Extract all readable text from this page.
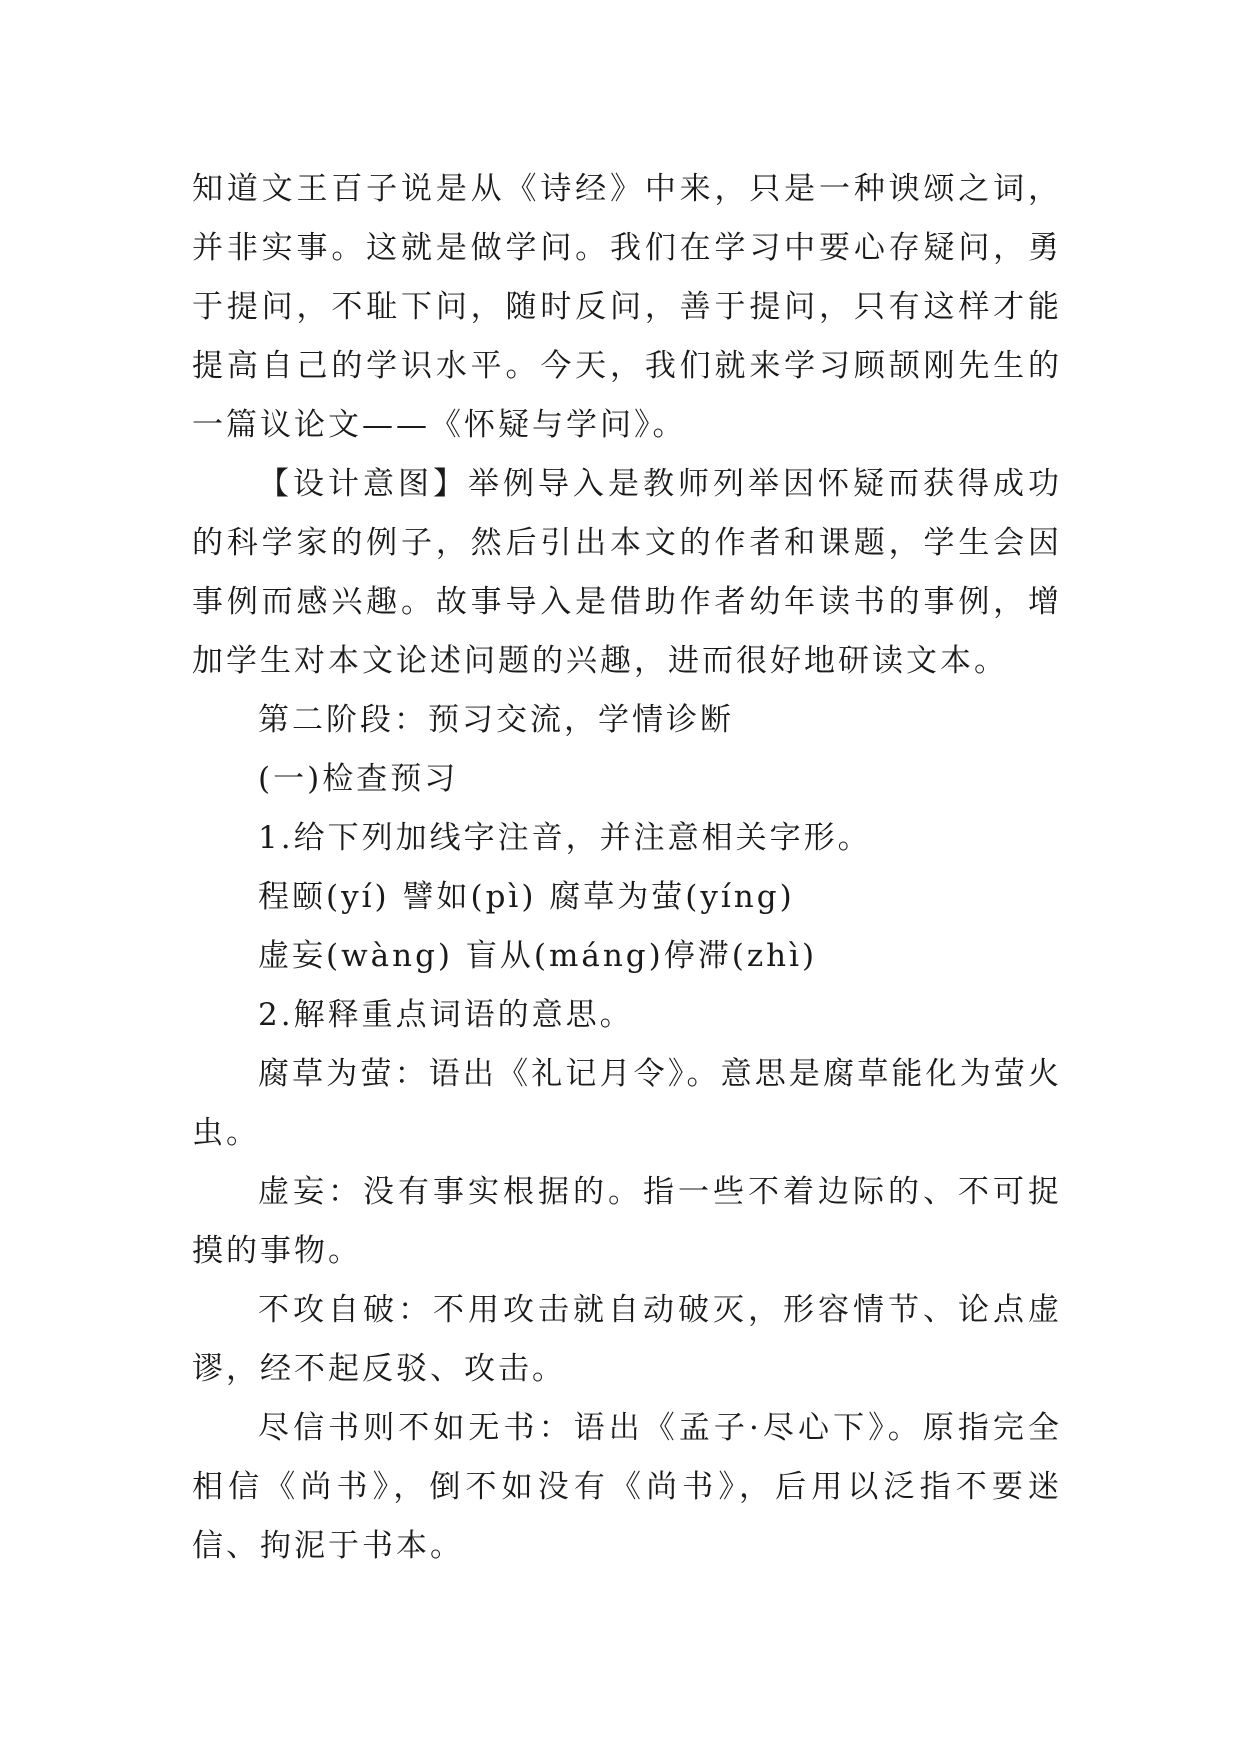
知道文王百子说是从《诗经》中来，只是一种谀颂之词，并非实事。这就是做学问。我们在学习中要心存疑问，勇于提问，不耻下问，随时反问，善于提问，只有这样才能提高自己的学识水平。今天，我们就来学习顾颉刚先生的一篇议论文——《怀疑与学问》。

【设计意图】举例导入是教师列举因怀疑而获得成功的科学家的例子，然后引出本文的作者和课题，学生会因事例而感兴趣。故事导入是借助作者幼年读书的事例，增加学生对本文论述问题的兴趣，进而很好地研读文本。

第二阶段：预习交流，学情诊断

(一)检查预习

1.给下列加线字注音，并注意相关字形。

程颐(yí) 譬如(pì) 腐草为萤(yíng)

虚妄(wàng) 盲从(máng)停滞(zhì)

2.解释重点词语的意思。

腐草为萤：语出《礼记月令》。意思是腐草能化为萤火虫。

虚妄：没有事实根据的。指一些不着边际的、不可捉摸的事物。

不攻自破：不用攻击就自动破灭，形容情节、论点虚谬，经不起反驳、攻击。

尽信书则不如无书：语出《孟子·尽心下》。原指完全相信《尚书》，倒不如没有《尚书》，后用以泛指不要迷信、拘泥于书本。
